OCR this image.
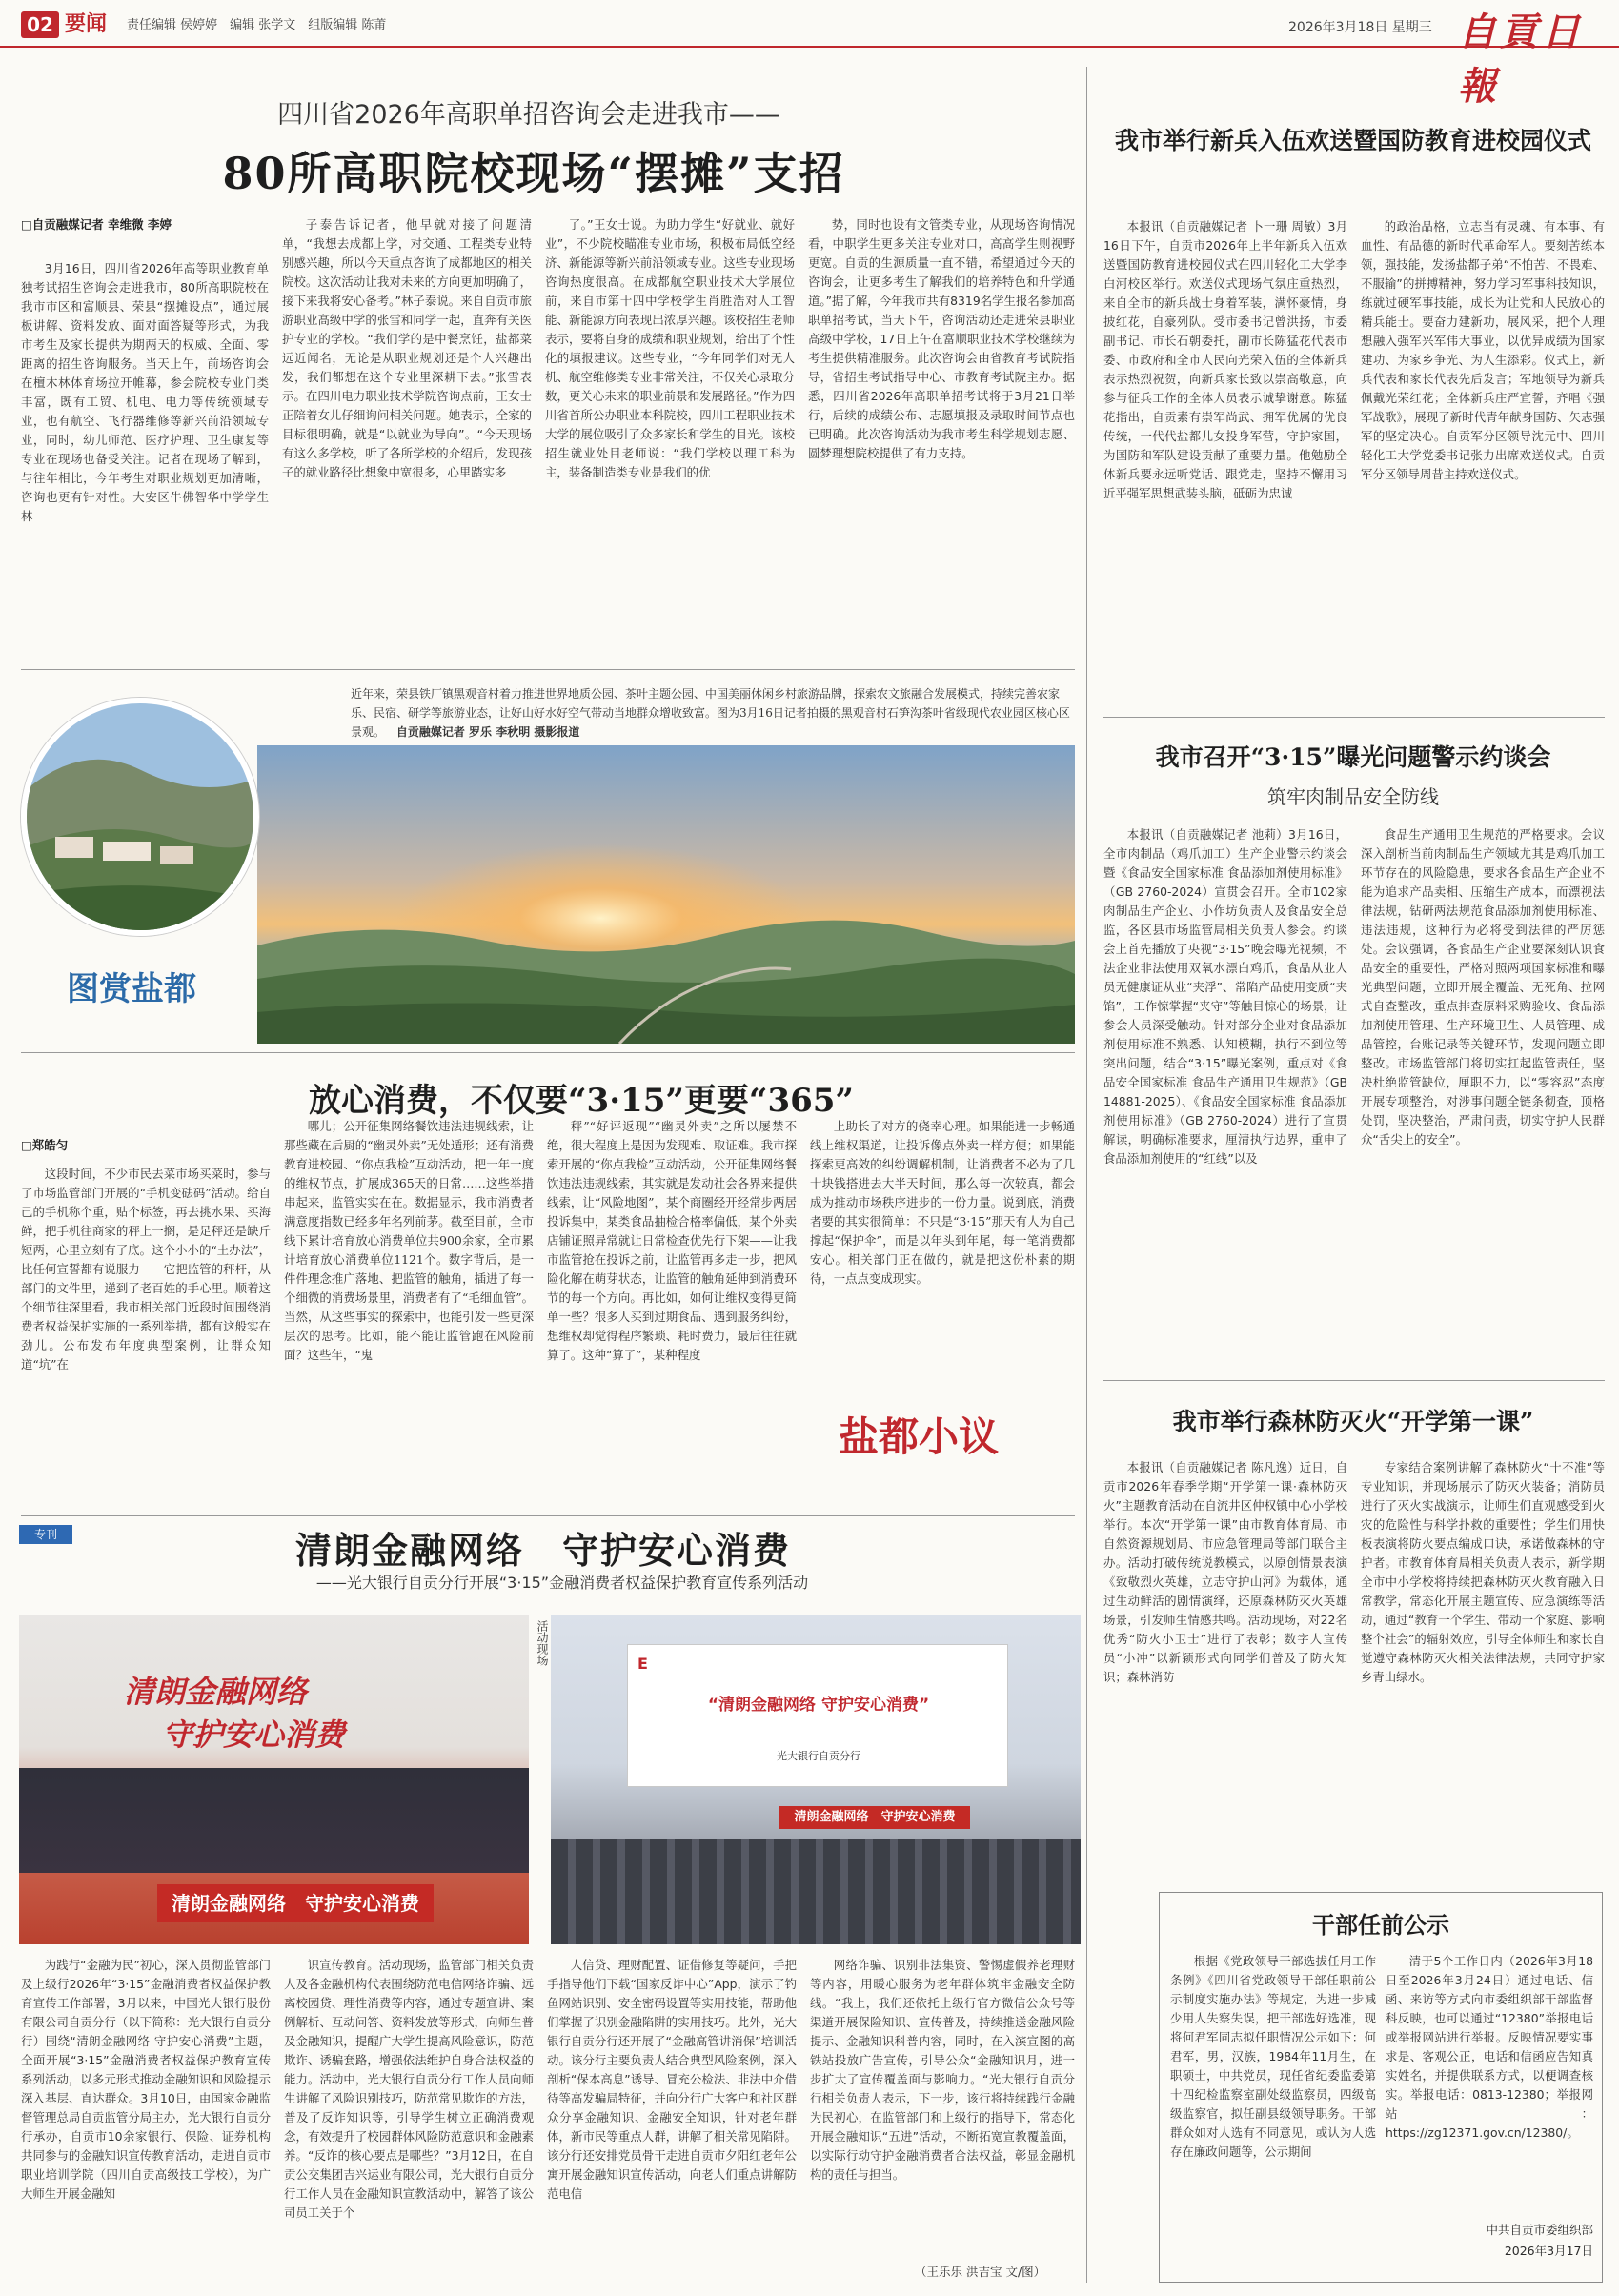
02 要闻 责任编辑 侯婷婷　编辑 张学文　组版编辑 陈莆	2026年3月18日 星期三 自貢日報
四川省2026年高职单招咨询会走进我市——
80所高职院校现场“摆摊”支招
□自贡融媒记者 幸维微 李婷
3月16日，四川省2026年高等职业教育单独考试招生咨询会走进我市，80所高职院校在我市市区和富顺县、荣县“摆摊设点”，通过展板讲解、资料发放、面对面答疑等形式，为我市考生及家长提供为期两天的权威、全面、零距离的招生咨询服务。当天上午，前场咨询会在檀木林体育场拉开帷幕，参会院校专业门类丰富，既有工贸、机电、电力等传统领域专业，也有航空、飞行器维修等新兴前沿领域专业，同时，幼儿师范、医疗护理、卫生康复等专业在现场也备受关注。记者在现场了解到，与往年相比，今年考生对职业规划更加清晰，咨询也更有针对性。大安区牛佛智华中学学生林
子泰告诉记者，他早就对接了问题清单，“我想去成都上学，对交通、工程类专业特别感兴趣，所以今天重点咨询了成都地区的相关院校。这次活动让我对未来的方向更加明确了，接下来我将安心备考。”林子泰说。来自自贡市旅游职业高级中学的张雪和同学一起，直奔有关医护专业的学校。“我们学的是中餐烹饪，盐都菜远近闻名，无论是从职业规划还是个人兴趣出发，我们都想在这个专业里深耕下去。”张雪表示。在四川电力职业技术学院咨询点前，王女士正陪着女儿仔细询问相关问题。她表示，全家的目标很明确，就是“以就业为导向”。“今天现场有这么多学校，听了各所学校的介绍后，发现孩子的就业路径比想象中宽很多，心里踏实多
了。”王女士说。为助力学生“好就业、就好业”，不少院校瞄准专业市场，积极布局低空经济、新能源等新兴前沿领域专业。这些专业现场咨询热度很高。在成都航空职业技术大学展位前，来自市第十四中学校学生肖胜浩对人工智能、新能源方向表现出浓厚兴趣。该校招生老师表示，要将自身的成绩和职业规划，给出了个性化的填报建议。这些专业，“今年同学们对无人机、航空维修类专业非常关注，不仅关心录取分数，更关心未来的职业前景和发展路径。”作为四川省首所公办职业本科院校，四川工程职业技术大学的展位吸引了众多家长和学生的目光。该校招生就业处目老师说：“我们学校以理工科为主，装备制造类专业是我们的优
势，同时也设有文管类专业，从现场咨询情况看，中职学生更多关注专业对口，高高学生则视野更宽。自贡的生源质量一直不错，希望通过今天的咨询会，让更多考生了解我们的培养特色和升学通道。”据了解，今年我市共有8319名学生报名参加高职单招考试，当天下午，咨询活动还走进荣县职业高级中学校，17日上午在富顺职业技术学校继续为考生提供精准服务。此次咨询会由省教育考试院指导，省招生考试指导中心、市教育考试院主办。据悉，四川省2026年高职单招考试将于3月21日举行，后续的成绩公布、志愿填报及录取时间节点也已明确。此次咨询活动为我市考生科学规划志愿、圆梦理想院校提供了有力支持。
近年来，荣县铁厂镇黑观音村着力推进世界地质公园、茶叶主题公园、中国美丽休闲乡村旅游品牌，探索农文旅融合发展模式，持续完善农家乐、民宿、研学等旅游业态，让好山好水好空气带动当地群众增收致富。图为3月16日记者拍摄的黑观音村石笋沟茶叶省级现代农业园区核心区景观。 自贡融媒记者 罗乐 李秋明 摄影报道
图赏盐都
放心消费，不仅要“3·15”更要“365”
□郑皓匀
这段时间，不少市民去菜市场买菜时，参与了市场监管部门开展的“手机变砝码”活动。给自己的手机称个重，贴个标签，再去挑水果、买海鲜，把手机往商家的秤上一搁，是足秤还是缺斤短两，心里立刻有了底。这个小小的“土办法”，比任何宣誓都有说服力——它把监管的秤杆，从部门的文件里，递到了老百姓的手心里。顺着这个细节往深里看，我市相关部门近段时间围绕消费者权益保护实施的一系列举措，都有这般实在劲儿。公布发布年度典型案例，让群众知道“坑”在
哪儿；公开征集网络餐饮违法违规线索，让那些藏在后厨的“幽灵外卖”无处遁形；还有消费教育进校园、“你点我检”互动活动，把一年一度的维权节点，扩展成365天的日常……这些举措串起来，监管实实在在。数据显示，我市消费者满意度指数已经多年名列前茅。截至目前，全市线下累计培育放心消费单位共900余家，全市累计培育放心消费单位1121个。数字背后，是一件件理念推广落地、把监管的触角，插进了每一个细微的消费场景里，消费者有了“毛细血管”。当然，从这些事实的探索中，也能引发一些更深层次的思考。比如，能不能让监管跑在风险前面？这些年，“鬼
秤”“好评返现”“幽灵外卖”之所以屡禁不绝，很大程度上是因为发现难、取证难。我市探索开展的“你点我检”互动活动，公开征集网络餐饮违法违规线索，其实就是发动社会各界来提供线索，让“风险地图”，某个商圈经开经常步两居投诉集中，某类食品抽检合格率偏低，某个外卖店铺证照异常就让日常检查优先行下架——让我市监管抢在投诉之前，让监管再多走一步，把风险化解在萌芽状态，让监管的触角延伸到消费环节的每一个方向。再比如，如何让维权变得更简单一些？很多人买到过期食品、遇到服务纠纷，想维权却觉得程序繁琐、耗时费力，最后往往就算了。这种“算了”，某种程度
上助长了对方的侥幸心理。如果能进一步畅通线上维权渠道，让投诉像点外卖一样方便；如果能探索更高效的纠纷调解机制，让消费者不必为了几十块钱搭进去大半天时间，那么每一次较真，都会成为推动市场秩序进步的一份力量。说到底，消费者要的其实很简单：不只是“3·15”那天有人为自己撑起“保护伞”，而是以年头到年尾，每一笔消费都安心。相关部门正在做的，就是把这份朴素的期待，一点点变成现实。
盐都小议
专刊	清朗金融网络　守护安心消费
——光大银行自贡分行开展“3·15”金融消费者权益保护教育宣传系列活动
清朗金融网络
守护安心消费
清朗金融网络　守护安心消费
活动现场	E
“清朗金融网络 守护安心消费”
光大银行自贡分行
清朗金融网络　守护安心消费
为践行“金融为民”初心，深入贯彻监管部门及上级行2026年“3·15”金融消费者权益保护教育宣传工作部署，3月以来，中国光大银行股份有限公司自贡分行（以下简称：光大银行自贡分行）围绕“清朗金融网络 守护安心消费”主题，全面开展“3·15”金融消费者权益保护教育宣传系列活动，以多元形式推动金融知识和风险提示深入基层、直达群众。3月10日，由国家金融监督管理总局自贡监管分局主办，光大银行自贡分行承办，自贡市10余家银行、保险、证券机构共同参与的金融知识宣传教育活动，走进自贡市职业培训学院（四川自贡高级技工学校），为广大师生开展金融知
识宣传教育。活动现场，监管部门相关负责人及各金融机构代表围绕防范电信网络诈骗、远离校园贷、理性消费等内容，通过专题宣讲、案例解析、互动问答、资料发放等形式，向师生普及金融知识，提醒广大学生提高风险意识，防范欺诈、诱骗套路，增强依法维护自身合法权益的能力。活动中，光大银行自贡分行工作人员向师生讲解了风险识别技巧，防范常见欺诈的方法，普及了反诈知识等，引导学生树立正确消费观念，有效提升了校园群体风险防范意识和金融素养。“反诈的核心要点是哪些？”3月12日，在自贡公交集团吉兴运业有限公司，光大银行自贡分行工作人员在金融知识宣教活动中，解答了该公司员工关于个
人信贷、理财配置、证借修复等疑问，手把手指导他们下载“国家反诈中心”App，演示了钓鱼网站识别、安全密码设置等实用技能，帮助他们掌握了识别金融陷阱的实用技巧。此外，光大银行自贡分行还开展了“金融高管讲消保”培训活动。该分行主要负责人结合典型风险案例，深入剖析“保本高息”诱导、冒充公检法、非法中介借待等高发骗局特征，并向分行广大客户和社区群众分享金融知识、金融安全知识，针对老年群体，新市民等重点人群，讲解了相关常见陷阱。该分行还安排党员骨干走进自贡市夕阳红老年公寓开展金融知识宣传活动，向老人们重点讲解防范电信
网络诈骗、识别非法集资、警惕虚假养老理财等内容，用暖心服务为老年群体筑牢金融安全防线。“我上，我们还依托上级行官方微信公众号等渠道开展保险知识、宣传普及，持续推送金融风险提示、金融知识科普内容，同时，在入滨宣图的高铁站投放广告宣传，引导公众“金融知识月，进一步扩大了宣传覆盖面与影响力。“光大银行自贡分行相关负责人表示，下一步，该行将持续践行金融为民初心，在监管部门和上级行的指导下，常态化开展金融知识“五进”活动，不断拓宽宣教覆盖面，以实际行动守护金融消费者合法权益，彰显金融机构的责任与担当。
（王乐乐 洪吉宝 文/图）
我市举行新兵入伍欢送暨国防教育进校园仪式
本报讯（自贡融媒记者 卜一珊 周敏）3月16日下午，自贡市2026年上半年新兵入伍欢送暨国防教育进校园仪式在四川轻化工大学李白河校区举行。欢送仪式现场气氛庄重热烈，来自全市的新兵战士身着军装，满怀豪情，身披红花，自豪列队。受市委书记曾洪扬，市委副书记、市长石朝委托，副市长陈猛花代表市委、市政府和全市人民向光荣入伍的全体新兵表示热烈祝贺，向新兵家长致以崇高敬意，向参与征兵工作的全体人员表示诚挚谢意。陈猛花指出，自贡素有崇军尚武、拥军优属的优良传统，一代代盐都儿女投身军营，守护家国，为国防和军队建设贡献了重要力量。他勉励全体新兵要永远听党话、跟党走，坚持不懈用习近平强军思想武装头脑，砥砺为忠诚
的政治品格，立志当有灵魂、有本事、有血性、有品德的新时代革命军人。要刻苦练本领，强技能，发扬盐都子弟“不怕苦、不畏难、不服输”的拼搏精神，努力学习军事科技知识，练就过硬军事技能，成长为让党和人民放心的精兵能士。要奋力建新功，展风采，把个人理想融入强军兴军伟大事业，以优异成绩为国家建功、为家乡争光、为人生添彩。仪式上，新兵代表和家长代表先后发言；军地领导为新兵佩戴光荣红花；全体新兵庄严宣誓，齐唱《强军战歌》，展现了新时代青年献身国防、矢志强军的坚定决心。自贡军分区领导沈元中、四川轻化工大学党委书记张力出席欢送仪式。自贡军分区领导周昔主持欢送仪式。
我市召开“3·15”曝光问题警示约谈会
筑牢肉制品安全防线
本报讯（自贡融媒记者 池莉）3月16日，全市肉制品（鸡爪加工）生产企业警示约谈会暨《食品安全国家标准 食品添加剂使用标准》（GB 2760-2024）宣贯会召开。全市102家肉制品生产企业、小作坊负责人及食品安全总监，各区县市场监管局相关负责人参会。约谈会上首先播放了央视“3·15”晚会曝光视频，不法企业非法使用双氧水漂白鸡爪，食品从业人员无健康证从业“夹浮”、常陷产品使用变质“夹馅”，工作惊掌握“夹守”等触目惊心的场景，让参会人员深受触动。针对部分企业对食品添加剂使用标准不熟悉、认知模糊，执行不到位等突出问题，结合“3·15”曝光案例，重点对《食品安全国家标准 食品生产通用卫生规范》（GB 14881-2025）、《食品安全国家标准 食品添加剂使用标准》（GB 2760-2024）进行了宣贯解读，明确标准要求，厘清执行边界，重申了食品添加剂使用的“红线”以及
食品生产通用卫生规范的严格要求。会议深入剖析当前肉制品生产领域尤其是鸡爪加工环节存在的风险隐患，要求各食品生产企业不能为追求产品卖相、压缩生产成本，而漂视法律法规，钻研两法规范食品添加剂使用标准、违法违规，这种行为必将受到法律的严厉惩处。会议强调，各食品生产企业要深刻认识食品安全的重要性，严格对照两项国家标准和曝光典型问题，立即开展全覆盖、无死角、拉网式自查整改，重点排查原料采购验收、食品添加剂使用管理、生产环境卫生、人员管理、成品管控，台账记录等关键环节，发现问题立即整改。市场监管部门将切实扛起监管责任，坚决杜绝监管缺位，厘职不力，以“零容忍”态度开展专项整治，对涉事问题全链条彻查，顶格处罚，坚决整治，严肃问责，切实守护人民群众“舌尖上的安全”。
我市举行森林防灭火“开学第一课”
本报讯（自贡融媒记者 陈凡逸）近日，自贡市2026年春季学期“开学第一课·森林防灭火”主题教育活动在自流井区仲权镇中心小学校举行。本次“开学第一课”由市教育体育局、市自然资源规划局、市应急管理局等部门联合主办。活动打破传统说教模式，以原创情景表演《致敬烈火英雄，立志守护山河》为载体，通过生动鲜活的剧情演绎，还原森林防灭火英雄场景，引发师生情感共鸣。活动现场，对22名优秀“防火小卫士”进行了表彰；数字人宣传员“小冲”以新颖形式向同学们普及了防火知识；森林消防
专家结合案例讲解了森林防火“十不准”等专业知识，并现场展示了防灭火装备；消防员进行了灭火实战演示，让师生们直观感受到火灾的危险性与科学扑救的重要性；学生们用快板表演将防火要点编成口诀，承诺做森林的守护者。市教育体育局相关负责人表示，新学期全市中小学校将持续把森林防灭火教育融入日常教学，常态化开展主题宣传、应急演练等活动，通过“教育一个学生、带动一个家庭、影响整个社会”的辐射效应，引导全体师生和家长自觉遵守森林防灭火相关法律法规，共同守护家乡青山绿水。
干部任前公示
根据《党政领导干部选拔任用工作条例》《四川省党政领导干部任职前公示制度实施办法》等规定，为进一步减少用人失察失误，把干部选好选准，现将何君军同志拟任职情况公示如下：何君军，男，汉族，1984年11月生，在职硕士，中共党员，现任省纪委监委第十四纪检监察室副处级监察员，四级高级监察官，拟任副县级领导职务。干部群众如对人选有不同意见，或认为人选存在廉政问题等，公示期间
清于5个工作日内（2026年3月18日至2026年3月24日）通过电话、信函、来访等方式向市委组织部干部监督科反映，也可以通过“12380”举报电话或举报网站进行举报。反映情况要实事求是、客观公正，电话和信函应告知真实姓名，并提供联系方式，以便调查核实。举报电话：0813-12380；举报网站：https://zg12371.gov.cn/12380/。
中共自贡市委组织部
2026年3月17日
